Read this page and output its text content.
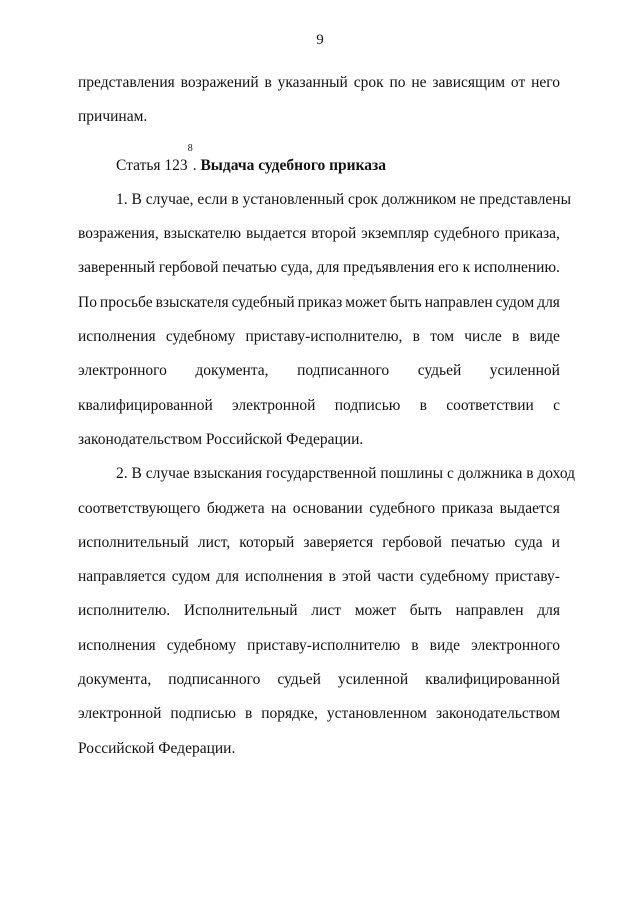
9
представления возражений в указанный срок по не зависящим от него
причинам.
Статья 123
8
.
Выдача судебного приказа
1. В случае, если в установленный срок должником не представлены
возражения, взыскателю выдается второй экземпляр судебного приказа,
заверенный гербовой печатью суда, для предъявления его к исполнению.
По просьбе взыскателя судебный приказ может быть направлен судом для
исполнения судебному приставу-исполнителю, в том числе в виде
электронного документа, подписанного судьей усиленной
квалифицированной электронной подписью в соответствии с
законодательством Российской Федерации.
2. В случае взыскания государственной пошлины с должника в доход
соответствующего бюджета на основании судебного приказа выдается
исполнительный лист, который заверяется гербовой печатью суда и
направляется судом для исполнения в этой части судебному приставу-
исполнителю. Исполнительный лист может быть направлен для
исполнения судебному приставу-исполнителю в виде электронного
документа, подписанного судьей усиленной квалифицированной
электронной подписью в порядке, установленном законодательством
Российской Федерации.
